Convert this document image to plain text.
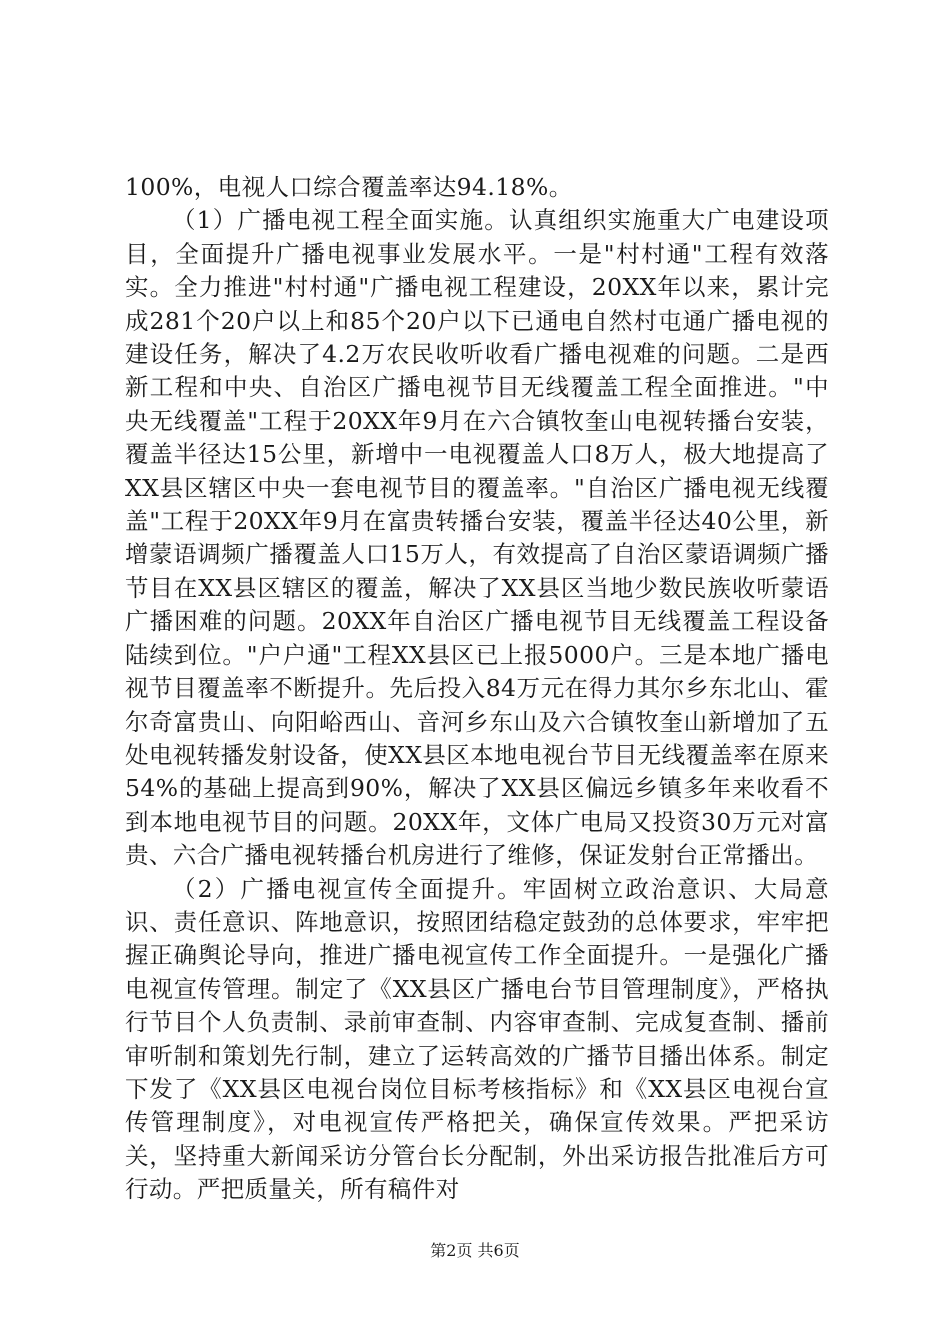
100%，电视人口综合覆盖率达94.18%。

（1）广播电视工程全面实施。认真组织实施重大广电建设项目，全面提升广播电视事业发展水平。一是"村村通"工程有效落实。全力推进"村村通"广播电视工程建设，20XX年以来，累计完成281个20户以上和85个20户以下已通电自然村屯通广播电视的建设任务，解决了4.2万农民收听收看广播电视难的问题。二是西新工程和中央、自治区广播电视节目无线覆盖工程全面推进。"中央无线覆盖"工程于20XX年9月在六合镇牧奎山电视转播台安装，覆盖半径达15公里，新增中一电视覆盖人口8万人，极大地提高了XX县区辖区中央一套电视节目的覆盖率。"自治区广播电视无线覆盖"工程于20XX年9月在富贵转播台安装，覆盖半径达40公里，新增蒙语调频广播覆盖人口15万人，有效提高了自治区蒙语调频广播节目在XX县区辖区的覆盖，解决了XX县区当地少数民族收听蒙语广播困难的问题。20XX年自治区广播电视节目无线覆盖工程设备陆续到位。"户户通"工程XX县区已上报5000户。三是本地广播电视节目覆盖率不断提升。先后投入84万元在得力其尔乡东北山、霍尔奇富贵山、向阳峪西山、音河乡东山及六合镇牧奎山新增加了五处电视转播发射设备，使XX县区本地电视台节目无线覆盖率在原来54%的基础上提高到90%，解决了XX县区偏远乡镇多年来收看不到本地电视节目的问题。20XX年，文体广电局又投资30万元对富贵、六合广播电视转播台机房进行了维修，保证发射台正常播出。

（2）广播电视宣传全面提升。牢固树立政治意识、大局意识、责任意识、阵地意识，按照团结稳定鼓劲的总体要求，牢牢把握正确舆论导向，推进广播电视宣传工作全面提升。一是强化广播电视宣传管理。制定了《XX县区广播电台节目管理制度》，严格执行节目个人负责制、录前审查制、内容审查制、完成复查制、播前审听制和策划先行制，建立了运转高效的广播节目播出体系。制定下发了《XX县区电视台岗位目标考核指标》和《XX县区电视台宣传管理制度》，对电视宣传严格把关，确保宣传效果。严把采访关，坚持重大新闻采访分管台长分配制，外出采访报告批准后方可行动。严把质量关，所有稿件对

第2页 共6页
